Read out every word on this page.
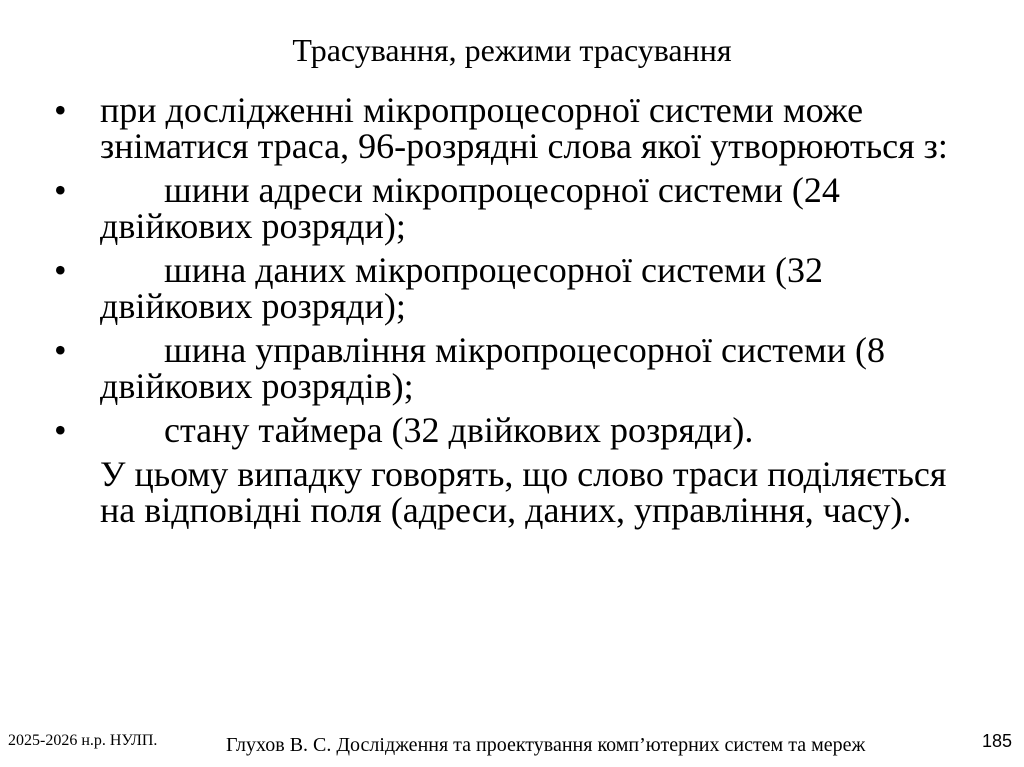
Трасування, режими трасування
• при дослідженні мікропроцесорної системи може зніматися траса, 96-розрядні слова якої утворюються з:
•	шини адреси мікропроцесорної системи (24 двійкових розряди);
•	шина даних мікропроцесорної системи (32 двійкових розряди);
•	шина управління мікропроцесорної системи (8 двійкових розрядів);
•	стану таймера (32 двійкових розряди).
У цьому випадку говорять, що слово траси поділяється на відповідні поля (адреси, даних, управління, часу).
2025-2026 н.р. НУЛП.	Глухов В. С. Дослідження та проектування комп’ютерних систем та мереж	185
